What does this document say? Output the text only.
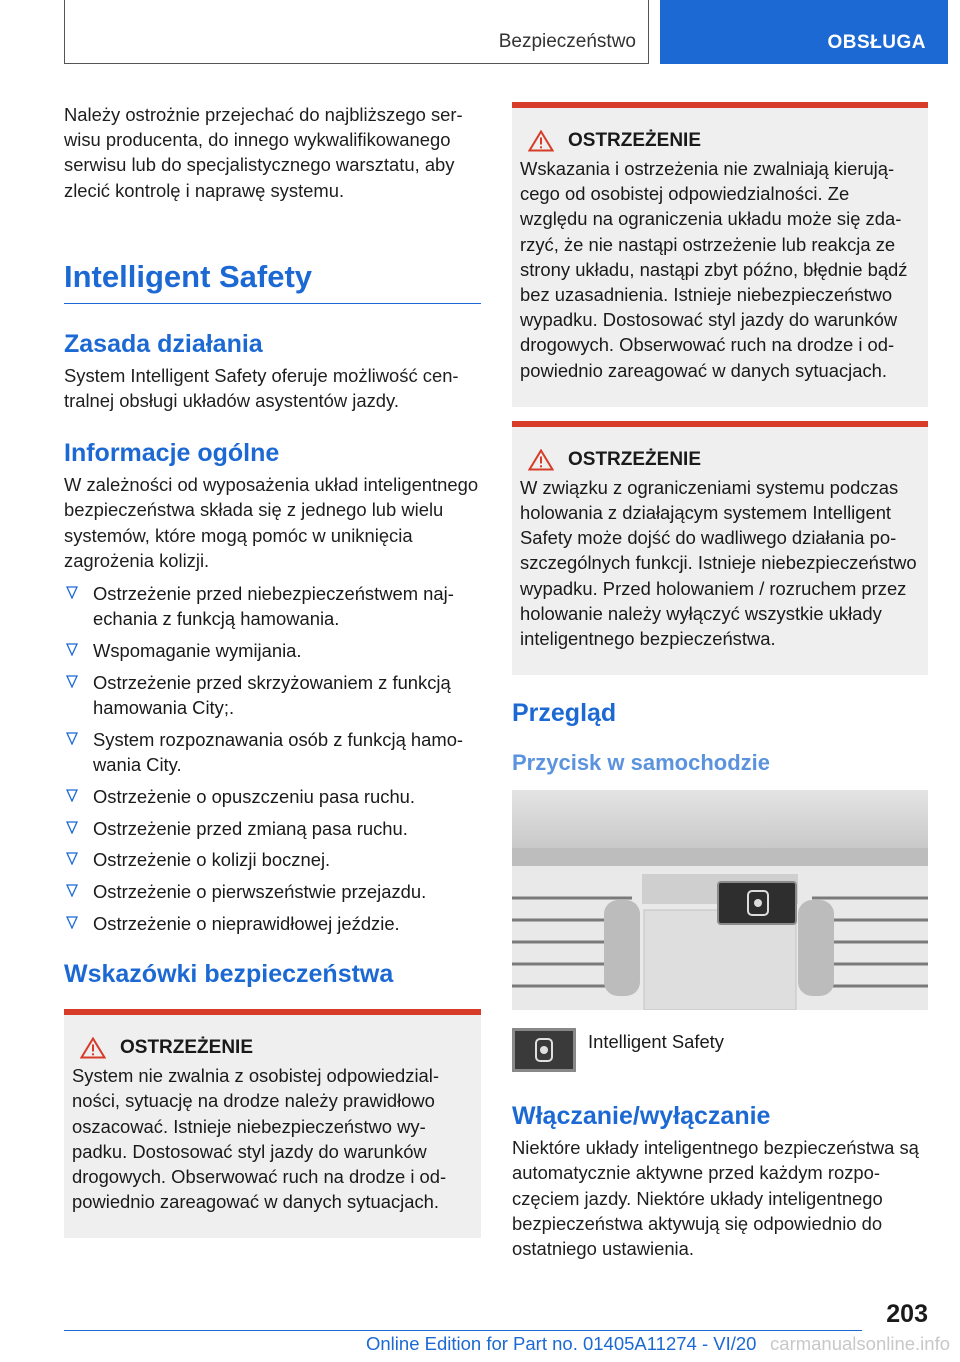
Bezpieczeństwo	OBSŁUGA

Należy ostrożnie przejechać do najbliższego serwisu producenta, do innego wykwalifikowanego serwisu lub do specjalistycznego warsztatu, aby zlecić kontrolę i naprawę systemu.

Intelligent Safety
Zasada działania

System Intelligent Safety oferuje możliwość centralnej obsługi układów asystentów jazdy.

Informacje ogólne

W zależności od wyposażenia układ inteligentnego bezpieczeństwa składa się z jednego lub wielu systemów, które mogą pomóc w uniknięcia zagrożenia kolizji.

Ostrzeżenie przed niebezpieczeństwem najechania z funkcją hamowania.
Wspomaganie wymijania.
Ostrzeżenie przed skrzyżowaniem z funkcją hamowania City;.
System rozpoznawania osób z funkcją hamowania City.
Ostrzeżenie o opuszczeniu pasa ruchu.
Ostrzeżenie przed zmianą pasa ruchu.
Ostrzeżenie o kolizji bocznej.
Ostrzeżenie o pierwszeństwie przejazdu.
Ostrzeżenie o nieprawidłowej jeździe.
Wskazówki bezpieczeństwa
OSTRZEŻENIE

System nie zwalnia z osobistej odpowiedzialności, sytuację na drodze należy prawidłowo oszacować. Istnieje niebezpieczeństwo wypadku. Dostosować styl jazdy do warunków drogowych. Obserwować ruch na drodze i odpowiednio zareagować w danych sytuacjach.

OSTRZEŻENIE

Wskazania i ostrzeżenia nie zwalniają kierującego od osobistej odpowiedzialności. Ze względu na ograniczenia układu może się zdarzyć, że nie nastąpi ostrzeżenie lub reakcja ze strony układu, nastąpi zbyt późno, błędnie bądź bez uzasadnienia. Istnieje niebezpieczeństwo wypadku. Dostosować styl jazdy do warunków drogowych. Obserwować ruch na drodze i odpowiednio zareagować w danych sytuacjach.

OSTRZEŻENIE

W związku z ograniczeniami systemu podczas holowania z działającym systemem Intelligent Safety może dojść do wadliwego działania poszczególnych funkcji. Istnieje niebezpieczeństwo wypadku. Przed holowaniem / rozruchem przez holowanie należy wyłączyć wszystkie układy inteligentnego bezpieczeństwa.

Przegląd
Przycisk w samochodzie
Intelligent Safety
Włączanie/wyłączanie

Niektóre układy inteligentnego bezpieczeństwa są automatycznie aktywne przed każdym rozpoczęciem jazdy. Niektóre układy inteligentnego bezpieczeństwa aktywują się odpowiednio do ostatniego ustawienia.

203
Online Edition for Part no. 01405A11274 - VI/20 carmanualsonline.info
